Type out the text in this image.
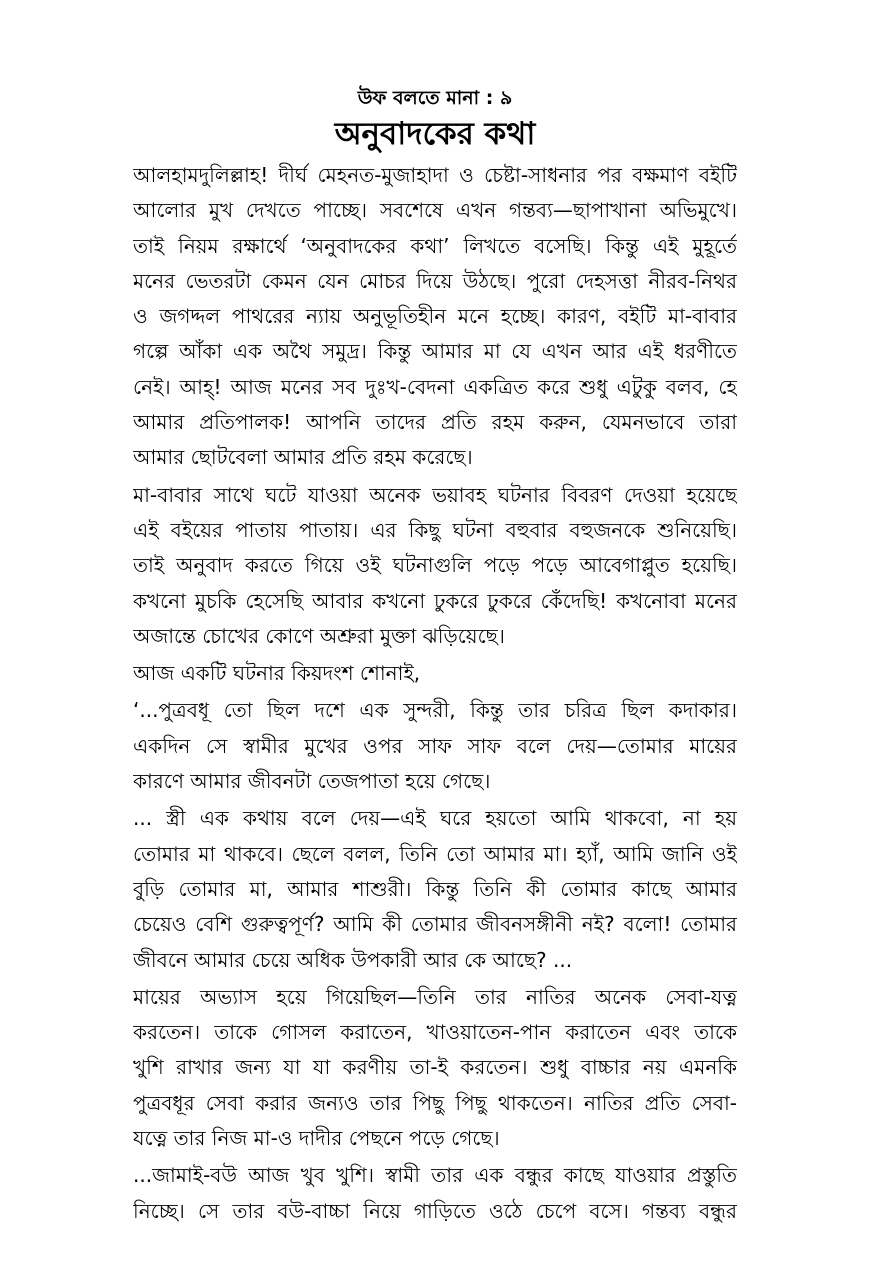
উফ বলতে মানা : ৯
অনুবাদকের কথা
আলহামদুলিল্লাহ! দীর্ঘ মেহনত-মুজাহাদা ও চেষ্টা-সাধনার পর বক্ষমাণ বইটি
আলোর মুখ দেখতে পাচ্ছে। সবশেষে এখন গন্তব্য—ছাপাখানা অভিমুখে।
তাই নিয়ম রক্ষার্থে ‘অনুবাদকের কথা’ লিখতে বসেছি। কিন্তু এই মুহূর্তে
মনের ভেতরটা কেমন যেন মোচর দিয়ে উঠছে। পুরো দেহসত্তা নীরব-নিথর
ও জগদ্দল পাথরের ন্যায় অনুভূতিহীন মনে হচ্ছে। কারণ, বইটি মা-বাবার
গল্পে আঁকা এক অথৈ সমুদ্র। কিন্তু আমার মা যে এখন আর এই ধরণীতে
নেই। আহ্! আজ মনের সব দুঃখ-বেদনা একত্রিত করে শুধু এটুকু বলব, হে
আমার প্রতিপালক! আপনি তাদের প্রতি রহম করুন, যেমনভাবে তারা
আমার ছোটবেলা আমার প্রতি রহম করেছে।
মা-বাবার সাথে ঘটে যাওয়া অনেক ভয়াবহ ঘটনার বিবরণ দেওয়া হয়েছে
এই বইয়ের পাতায় পাতায়। এর কিছু ঘটনা বহুবার বহুজনকে শুনিয়েছি।
তাই অনুবাদ করতে গিয়ে ওই ঘটনাগুলি পড়ে পড়ে আবেগাপ্লুত হয়েছি।
কখনো মুচকি হেসেছি আবার কখনো ঢুকরে ঢুকরে কেঁদেছি! কখনোবা মনের
অজান্তে চোখের কোণে অশ্রুরা মুক্তা ঝড়িয়েছে।
আজ একটি ঘটনার কিয়দংশ শোনাই,
‘...পুত্রবধূ তো ছিল দশে এক সুন্দরী, কিন্তু তার চরিত্র ছিল কদাকার।
একদিন সে স্বামীর মুখের ওপর সাফ সাফ বলে দেয়—তোমার মায়ের
কারণে আমার জীবনটা তেজপাতা হয়ে গেছে।
... স্ত্রী এক কথায় বলে দেয়—এই ঘরে হয়তো আমি থাকবো, না হয়
তোমার মা থাকবে। ছেলে বলল, তিনি তো আমার মা। হ্যাঁ, আমি জানি ওই
বুড়ি তোমার মা, আমার শাশুরী। কিন্তু তিনি কী তোমার কাছে আমার
চেয়েও বেশি গুরুত্বপূর্ণ? আমি কী তোমার জীবনসঙ্গীনী নই? বলো! তোমার
জীবনে আমার চেয়ে অধিক উপকারী আর কে আছে? ...
মায়ের অভ্যাস হয়ে গিয়েছিল—তিনি তার নাতির অনেক সেবা-যত্ন
করতেন। তাকে গোসল করাতেন, খাওয়াতেন-পান করাতেন এবং তাকে
খুশি রাখার জন্য যা যা করণীয় তা-ই করতেন। শুধু বাচ্চার নয় এমনকি
পুত্রবধূর সেবা করার জন্যও তার পিছু পিছু থাকতেন। নাতির প্রতি সেবা-
যত্নে তার নিজ মা-ও দাদীর পেছনে পড়ে গেছে।
...জামাই-বউ আজ খুব খুশি। স্বামী তার এক বন্ধুর কাছে যাওয়ার প্রস্তুতি
নিচ্ছে। সে তার বউ-বাচ্চা নিয়ে গাড়িতে ওঠে চেপে বসে। গন্তব্য বন্ধুর
